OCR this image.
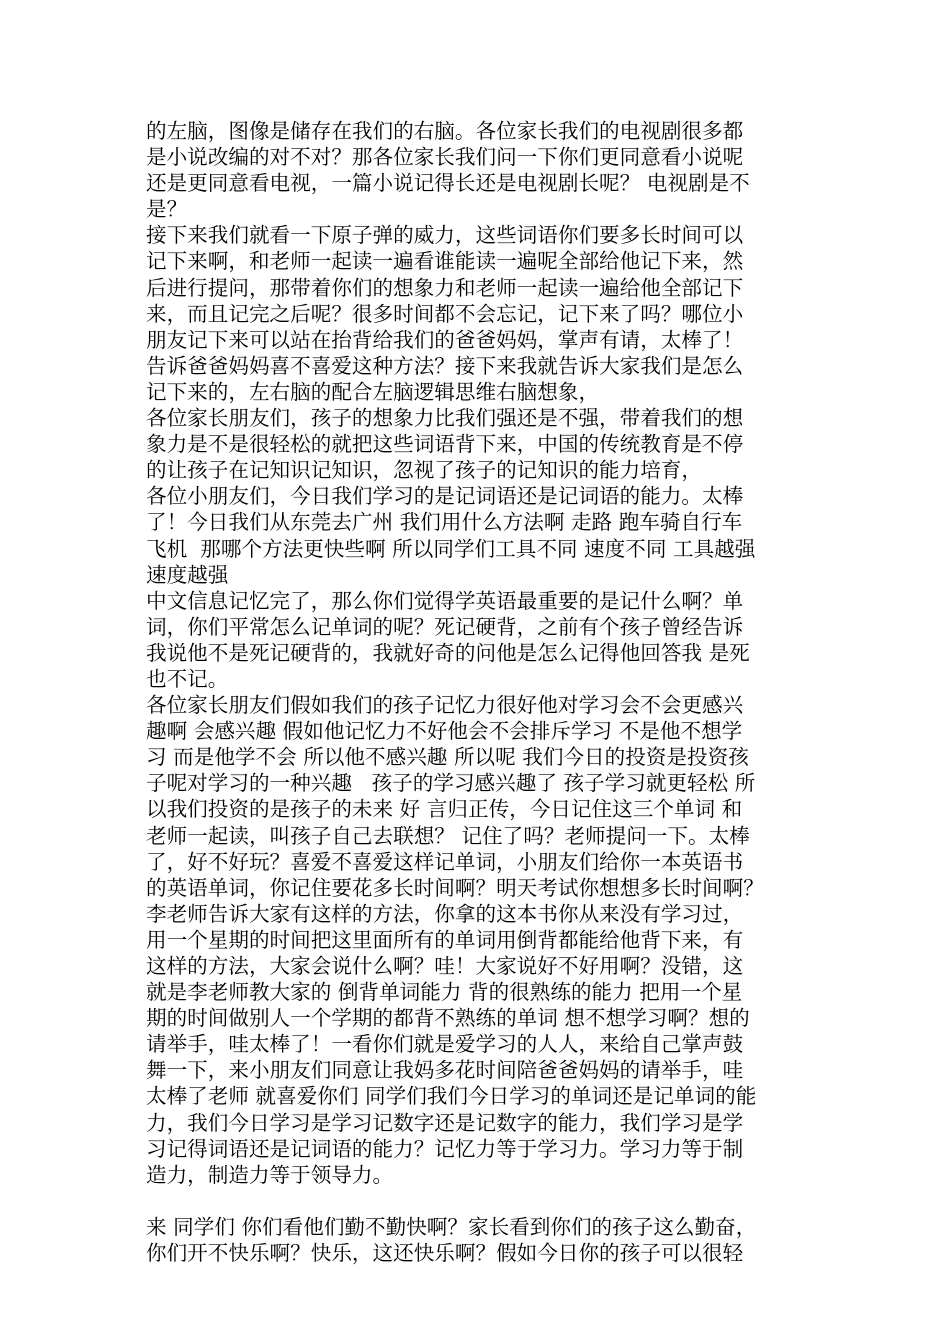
的左脑，图像是储存在我们的右脑。各位家长我们的电视剧很多都
是小说改编的对不对？那各位家长我们问一下你们更同意看小说呢
还是更同意看电视，一篇小说记得长还是电视剧长呢？ 电视剧是不
是？
接下来我们就看一下原子弹的威力，这些词语你们要多长时间可以
记下来啊，和老师一起读一遍看谁能读一遍呢全部给他记下来，然
后进行提问，那带着你们的想象力和老师一起读一遍给他全部记下
来，而且记完之后呢？很多时间都不会忘记，记下来了吗？哪位小
朋友记下来可以站在抬背给我们的爸爸妈妈，掌声有请，太棒了！
告诉爸爸妈妈喜不喜爱这种方法？接下来我就告诉大家我们是怎么
记下来的，左右脑的配合左脑逻辑思维右脑想象，
各位家长朋友们，孩子的想象力比我们强还是不强，带着我们的想
象力是不是很轻松的就把这些词语背下来，中国的传统教育是不停
的让孩子在记知识记知识，忽视了孩子的记知识的能力培育，
各位小朋友们，今日我们学习的是记词语还是记词语的能力。太棒
了！今日我们从东莞去广州 我们用什么方法啊 走路 跑车骑自行车
飞机  那哪个方法更快些啊 所以同学们工具不同 速度不同 工具越强
速度越强
中文信息记忆完了，那么你们觉得学英语最重要的是记什么啊？单
词，你们平常怎么记单词的呢？死记硬背，之前有个孩子曾经告诉
我说他不是死记硬背的，我就好奇的问他是怎么记得他回答我 是死
也不记。
各位家长朋友们假如我们的孩子记忆力很好他对学习会不会更感兴
趣啊 会感兴趣 假如他记忆力不好他会不会排斥学习 不是他不想学
习 而是他学不会 所以他不感兴趣 所以呢 我们今日的投资是投资孩
子呢对学习的一种兴趣   孩子的学习感兴趣了 孩子学习就更轻松 所
以我们投资的是孩子的未来 好 言归正传，今日记住这三个单词 和
老师一起读，叫孩子自己去联想？ 记住了吗？老师提问一下。太棒
了，好不好玩？喜爱不喜爱这样记单词，小朋友们给你一本英语书
的英语单词，你记住要花多长时间啊？明天考试你想想多长时间啊？
李老师告诉大家有这样的方法，你拿的这本书你从来没有学习过，
用一个星期的时间把这里面所有的单词用倒背都能给他背下来，有
这样的方法，大家会说什么啊？哇！大家说好不好用啊？没错，这
就是李老师教大家的 倒背单词能力 背的很熟练的能力 把用一个星
期的时间做别人一个学期的都背不熟练的单词 想不想学习啊？想的
请举手，哇太棒了！一看你们就是爱学习的人人，来给自己掌声鼓
舞一下，来小朋友们同意让我妈多花时间陪爸爸妈妈的请举手，哇
太棒了老师 就喜爱你们 同学们我们今日学习的单词还是记单词的能
力，我们今日学习是学习记数字还是记数字的能力，我们学习是学
习记得词语还是记词语的能力？记忆力等于学习力。学习力等于制
造力，制造力等于领导力。
来 同学们 你们看他们勤不勤快啊？家长看到你们的孩子这么勤奋，
你们开不快乐啊？快乐，这还快乐啊？假如今日你的孩子可以很轻
